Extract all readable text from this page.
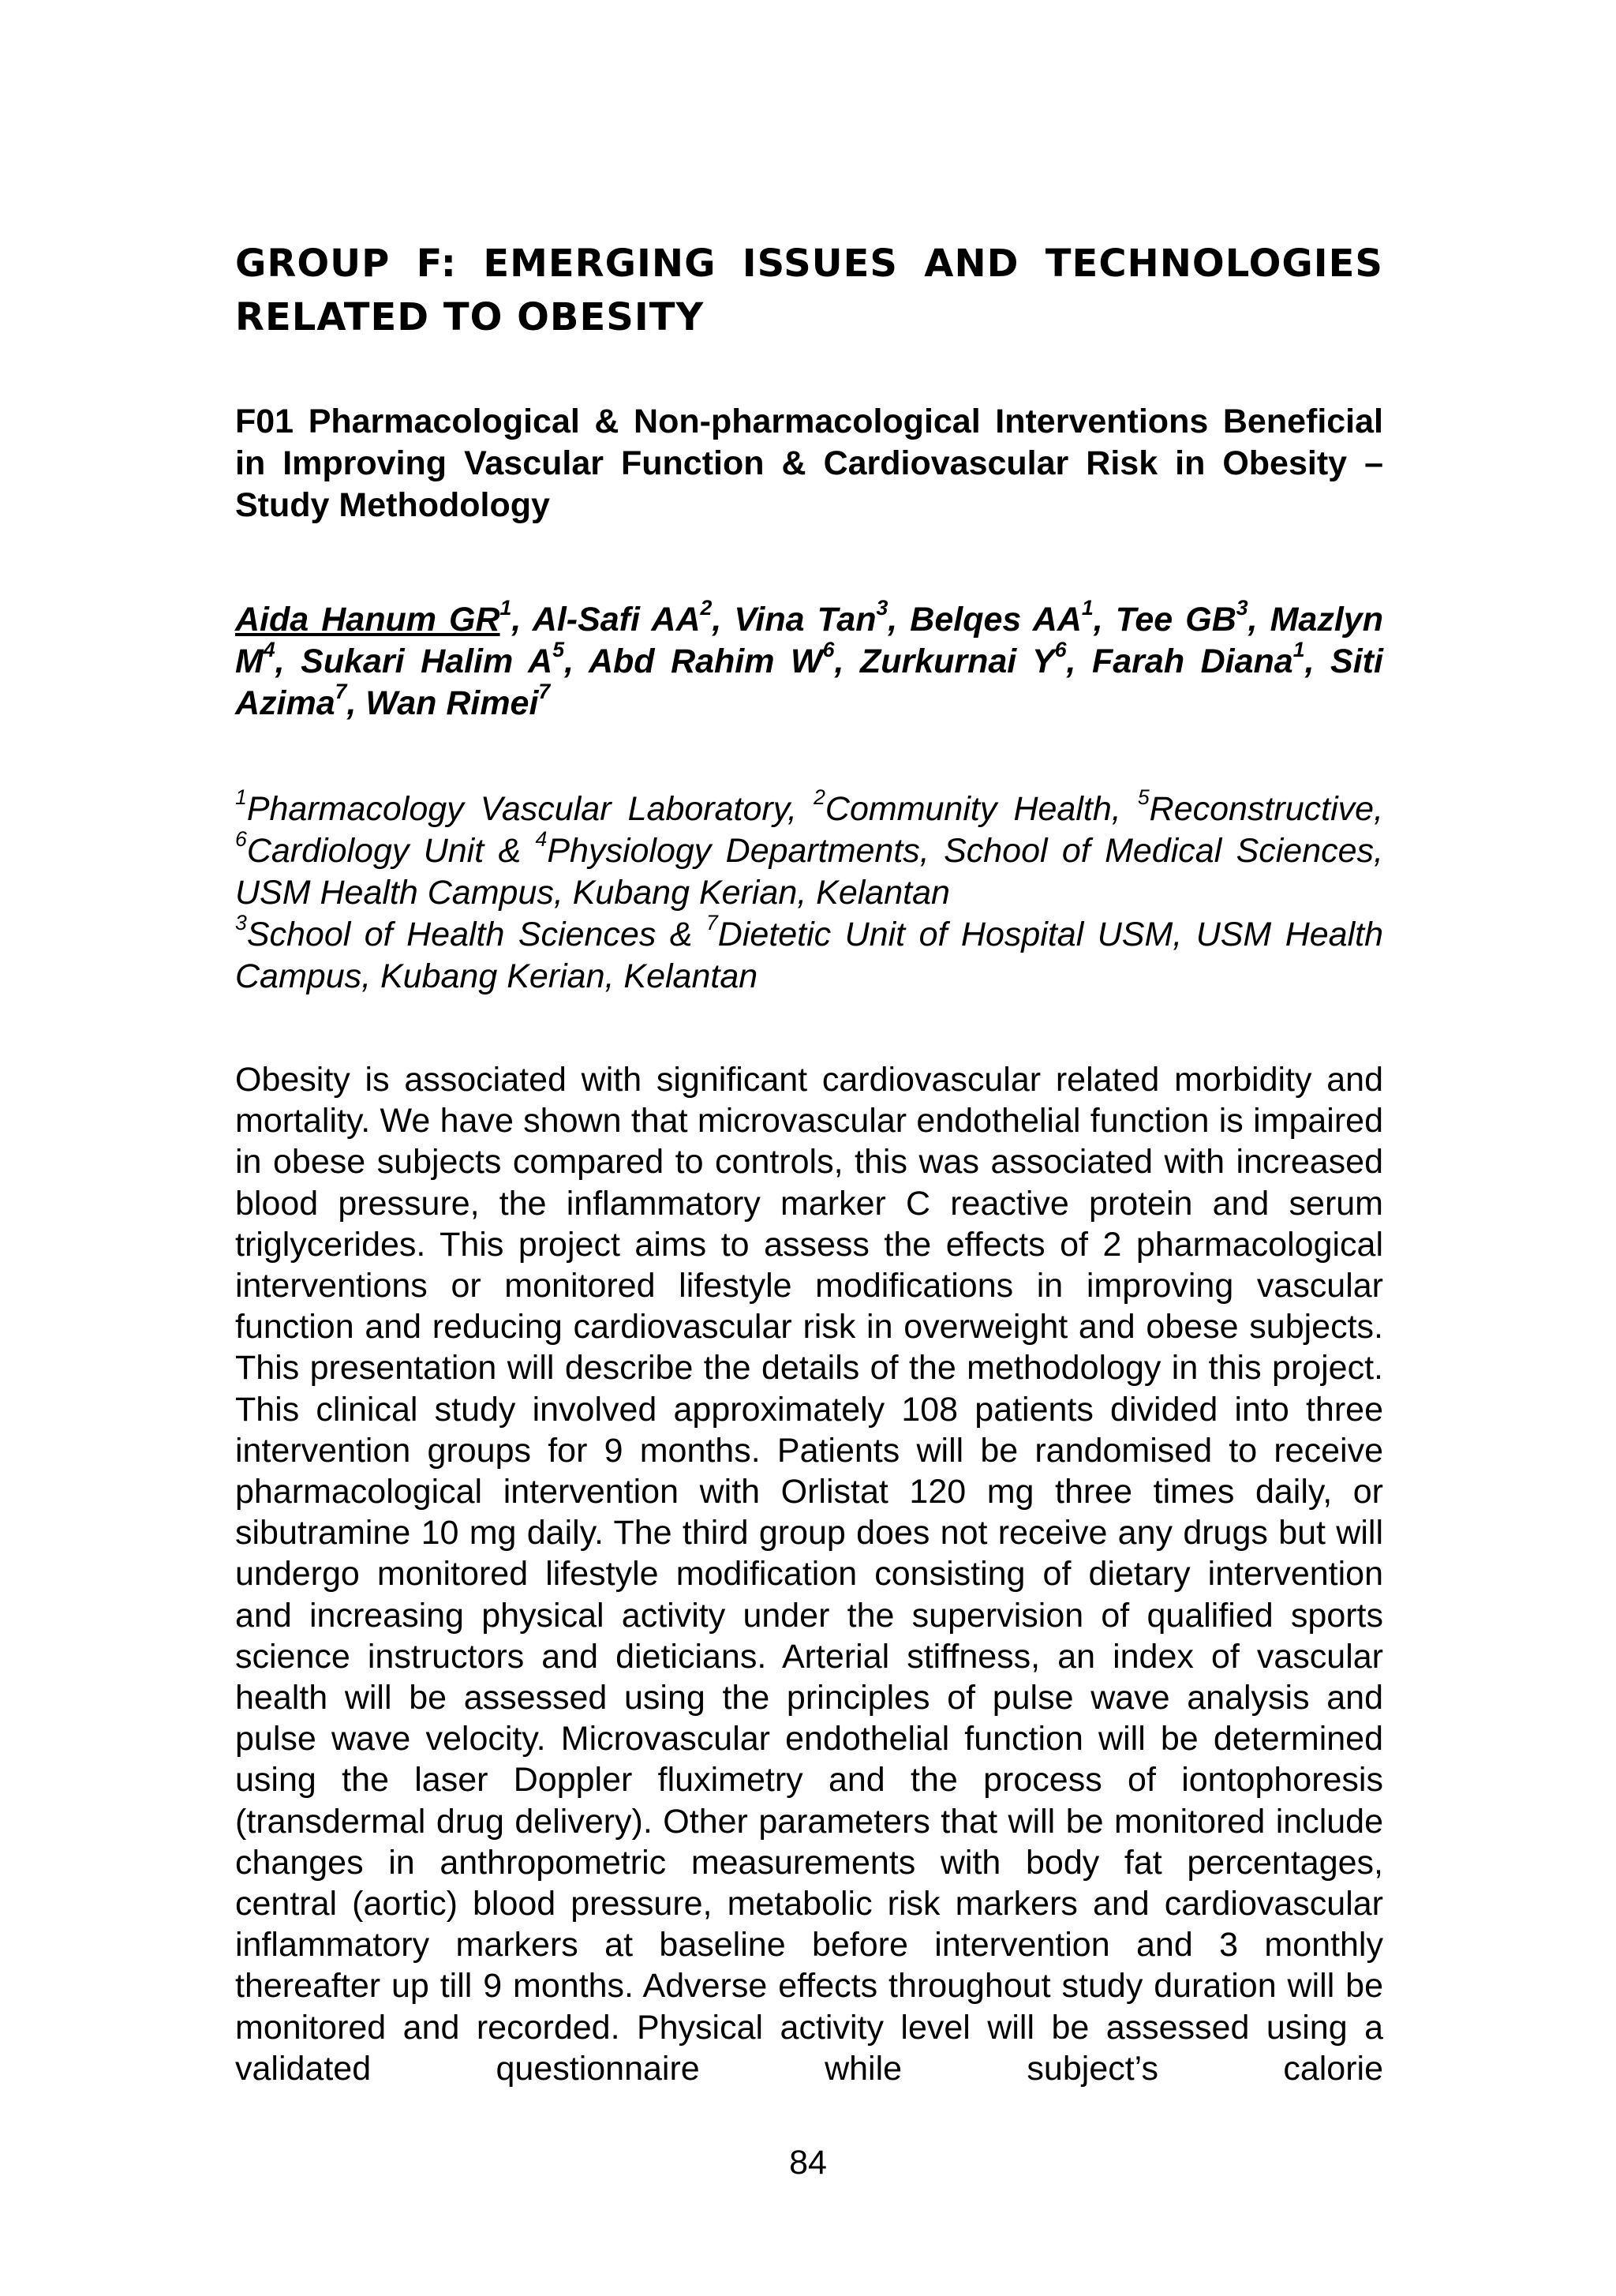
GROUP F: EMERGING ISSUES AND TECHNOLOGIES RELATED TO OBESITY
F01 Pharmacological & Non-pharmacological Interventions Beneficial in Improving Vascular Function & Cardiovascular Risk in Obesity – Study Methodology
Aida Hanum $GR^1$, Al-Safi $AA^2$, Vina Tan$^3$, Belqes $AA^1$, Tee $GB^3$, Mazlyn $M^4$, Sukari Halim $A^5$, Abd Rahim $W^6$, Zurkurnai $Y^6$, Farah Diana$^1$, Siti Azima$^7$, Wan Rimei$^7$
$^1$Pharmacology Vascular Laboratory, $^2$Community Health, $^5$Reconstructive, $^6$Cardiology Unit & $^4$Physiology Departments, School of Medical Sciences, USM Health Campus, Kubang Kerian, Kelantan
$^3$School of Health Sciences & $^7$Dietetic Unit of Hospital USM, USM Health Campus, Kubang Kerian, Kelantan
Obesity is associated with significant cardiovascular related morbidity and mortality. We have shown that microvascular endothelial function is impaired in obese subjects compared to controls, this was associated with increased blood pressure, the inflammatory marker C reactive protein and serum triglycerides. This project aims to assess the effects of 2 pharmacological interventions or monitored lifestyle modifications in improving vascular function and reducing cardiovascular risk in overweight and obese subjects. This presentation will describe the details of the methodology in this project. This clinical study involved approximately 108 patients divided into three intervention groups for 9 months. Patients will be randomised to receive pharmacological intervention with Orlistat 120 mg three times daily, or sibutramine 10 mg daily. The third group does not receive any drugs but will undergo monitored lifestyle modification consisting of dietary intervention and increasing physical activity under the supervision of qualified sports science instructors and dieticians. Arterial stiffness, an index of vascular health will be assessed using the principles of pulse wave analysis and pulse wave velocity. Microvascular endothelial function will be determined using the laser Doppler fluximetry and the process of iontophoresis (transdermal drug delivery). Other parameters that will be monitored include changes in anthropometric measurements with body fat percentages, central (aortic) blood pressure, metabolic risk markers and cardiovascular inflammatory markers at baseline before intervention and 3 monthly thereafter up till 9 months. Adverse effects throughout study duration will be monitored and recorded. Physical activity level will be assessed using a validated questionnaire while subject’s calorie
84
